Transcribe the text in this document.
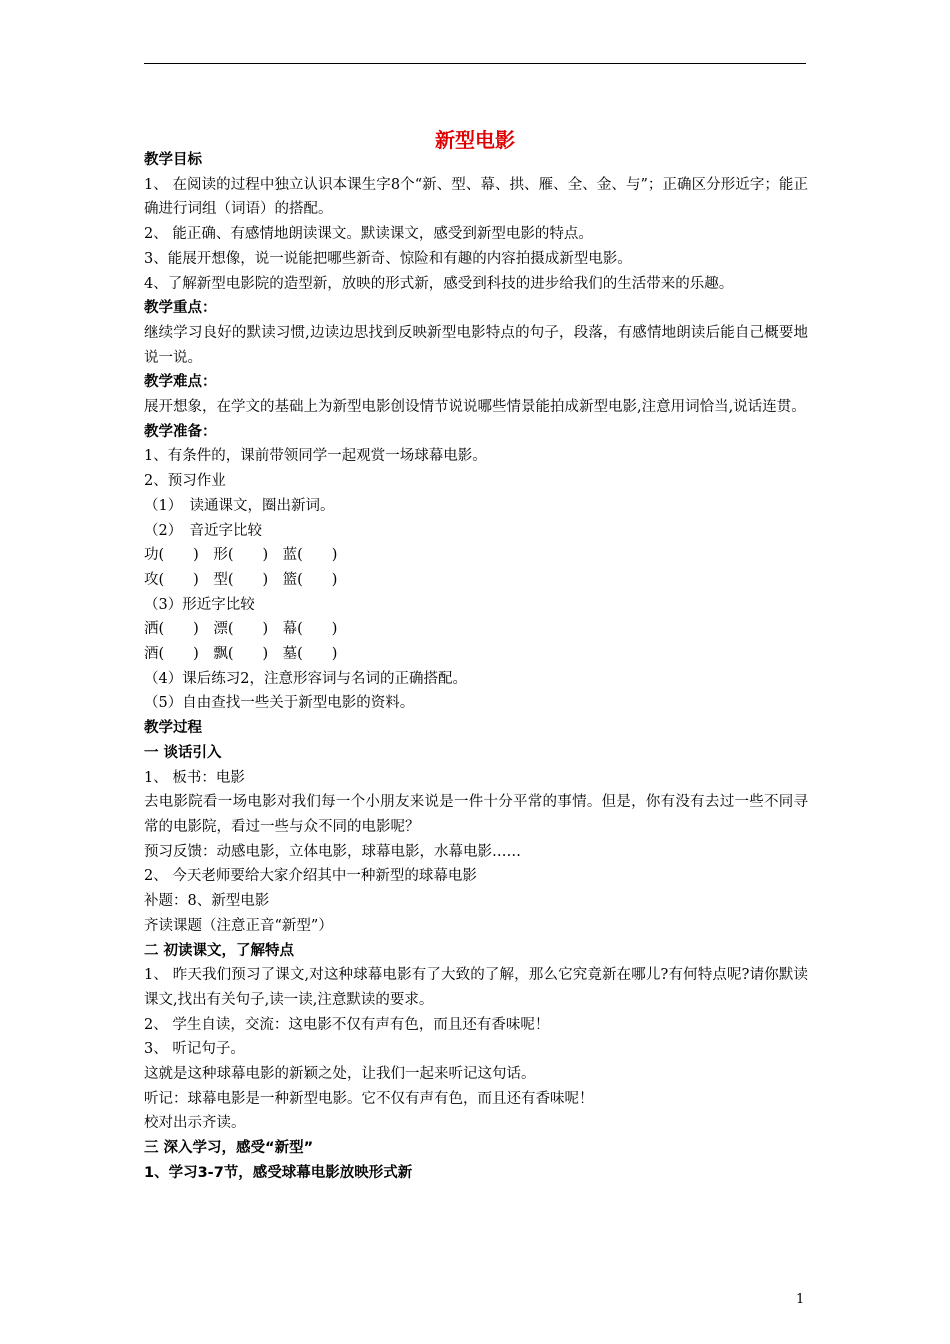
新型电影

教学目标

1、 在阅读的过程中独立认识本课生字8个“新、型、幕、拱、雁、全、金、与”；正确区分形近字；能正确进行词组（词语）的搭配。

2、 能正确、有感情地朗读课文。默读课文，感受到新型电影的特点。

3、能展开想像，说一说能把哪些新奇、惊险和有趣的内容拍摄成新型电影。

4、了解新型电影院的造型新，放映的形式新，感受到科技的进步给我们的生活带来的乐趣。

教学重点：

继续学习良好的默读习惯,边读边思找到反映新型电影特点的句子，段落，有感情地朗读后能自己概要地说一说。

教学难点：

展开想象，在学文的基础上为新型电影创设情节说说哪些情景能拍成新型电影,注意用词恰当,说话连贯。

教学准备：

1、有条件的，课前带领同学一起观赏一场球幕电影。

2、预习作业

（1）　读通课文，圈出新词。

（2）　音近字比较

功(　　)　形(　　)　蓝(　　)

攻(　　)　型(　　)　篮(　　)

（3）形近字比较

洒(　　)　漂(　　)　幕(　　)

酒(　　)　飘(　　)　墓(　　)

（4）课后练习2，注意形容词与名词的正确搭配。

（5）自由查找一些关于新型电影的资料。

教学过程

一 谈话引入

1、 板书：电影

去电影院看一场电影对我们每一个小朋友来说是一件十分平常的事情。但是，你有没有去过一些不同寻常的电影院，看过一些与众不同的电影呢？

预习反馈：动感电影，立体电影，球幕电影，水幕电影……

2、 今天老师要给大家介绍其中一种新型的球幕电影

补题：8、新型电影

齐读课题（注意正音“新型”）

二 初读课文，了解特点

1、 昨天我们预习了课文,对这种球幕电影有了大致的了解，那么它究竟新在哪儿?有何特点呢?请你默读课文,找出有关句子,读一读,注意默读的要求。

2、 学生自读，交流：这电影不仅有声有色，而且还有香味呢！

3、 听记句子。

这就是这种球幕电影的新颖之处，让我们一起来听记这句话。

听记：球幕电影是一种新型电影。它不仅有声有色，而且还有香味呢！

校对出示齐读。

三 深入学习，感受“新型”

1、学习3-7节，感受球幕电影放映形式新

1
